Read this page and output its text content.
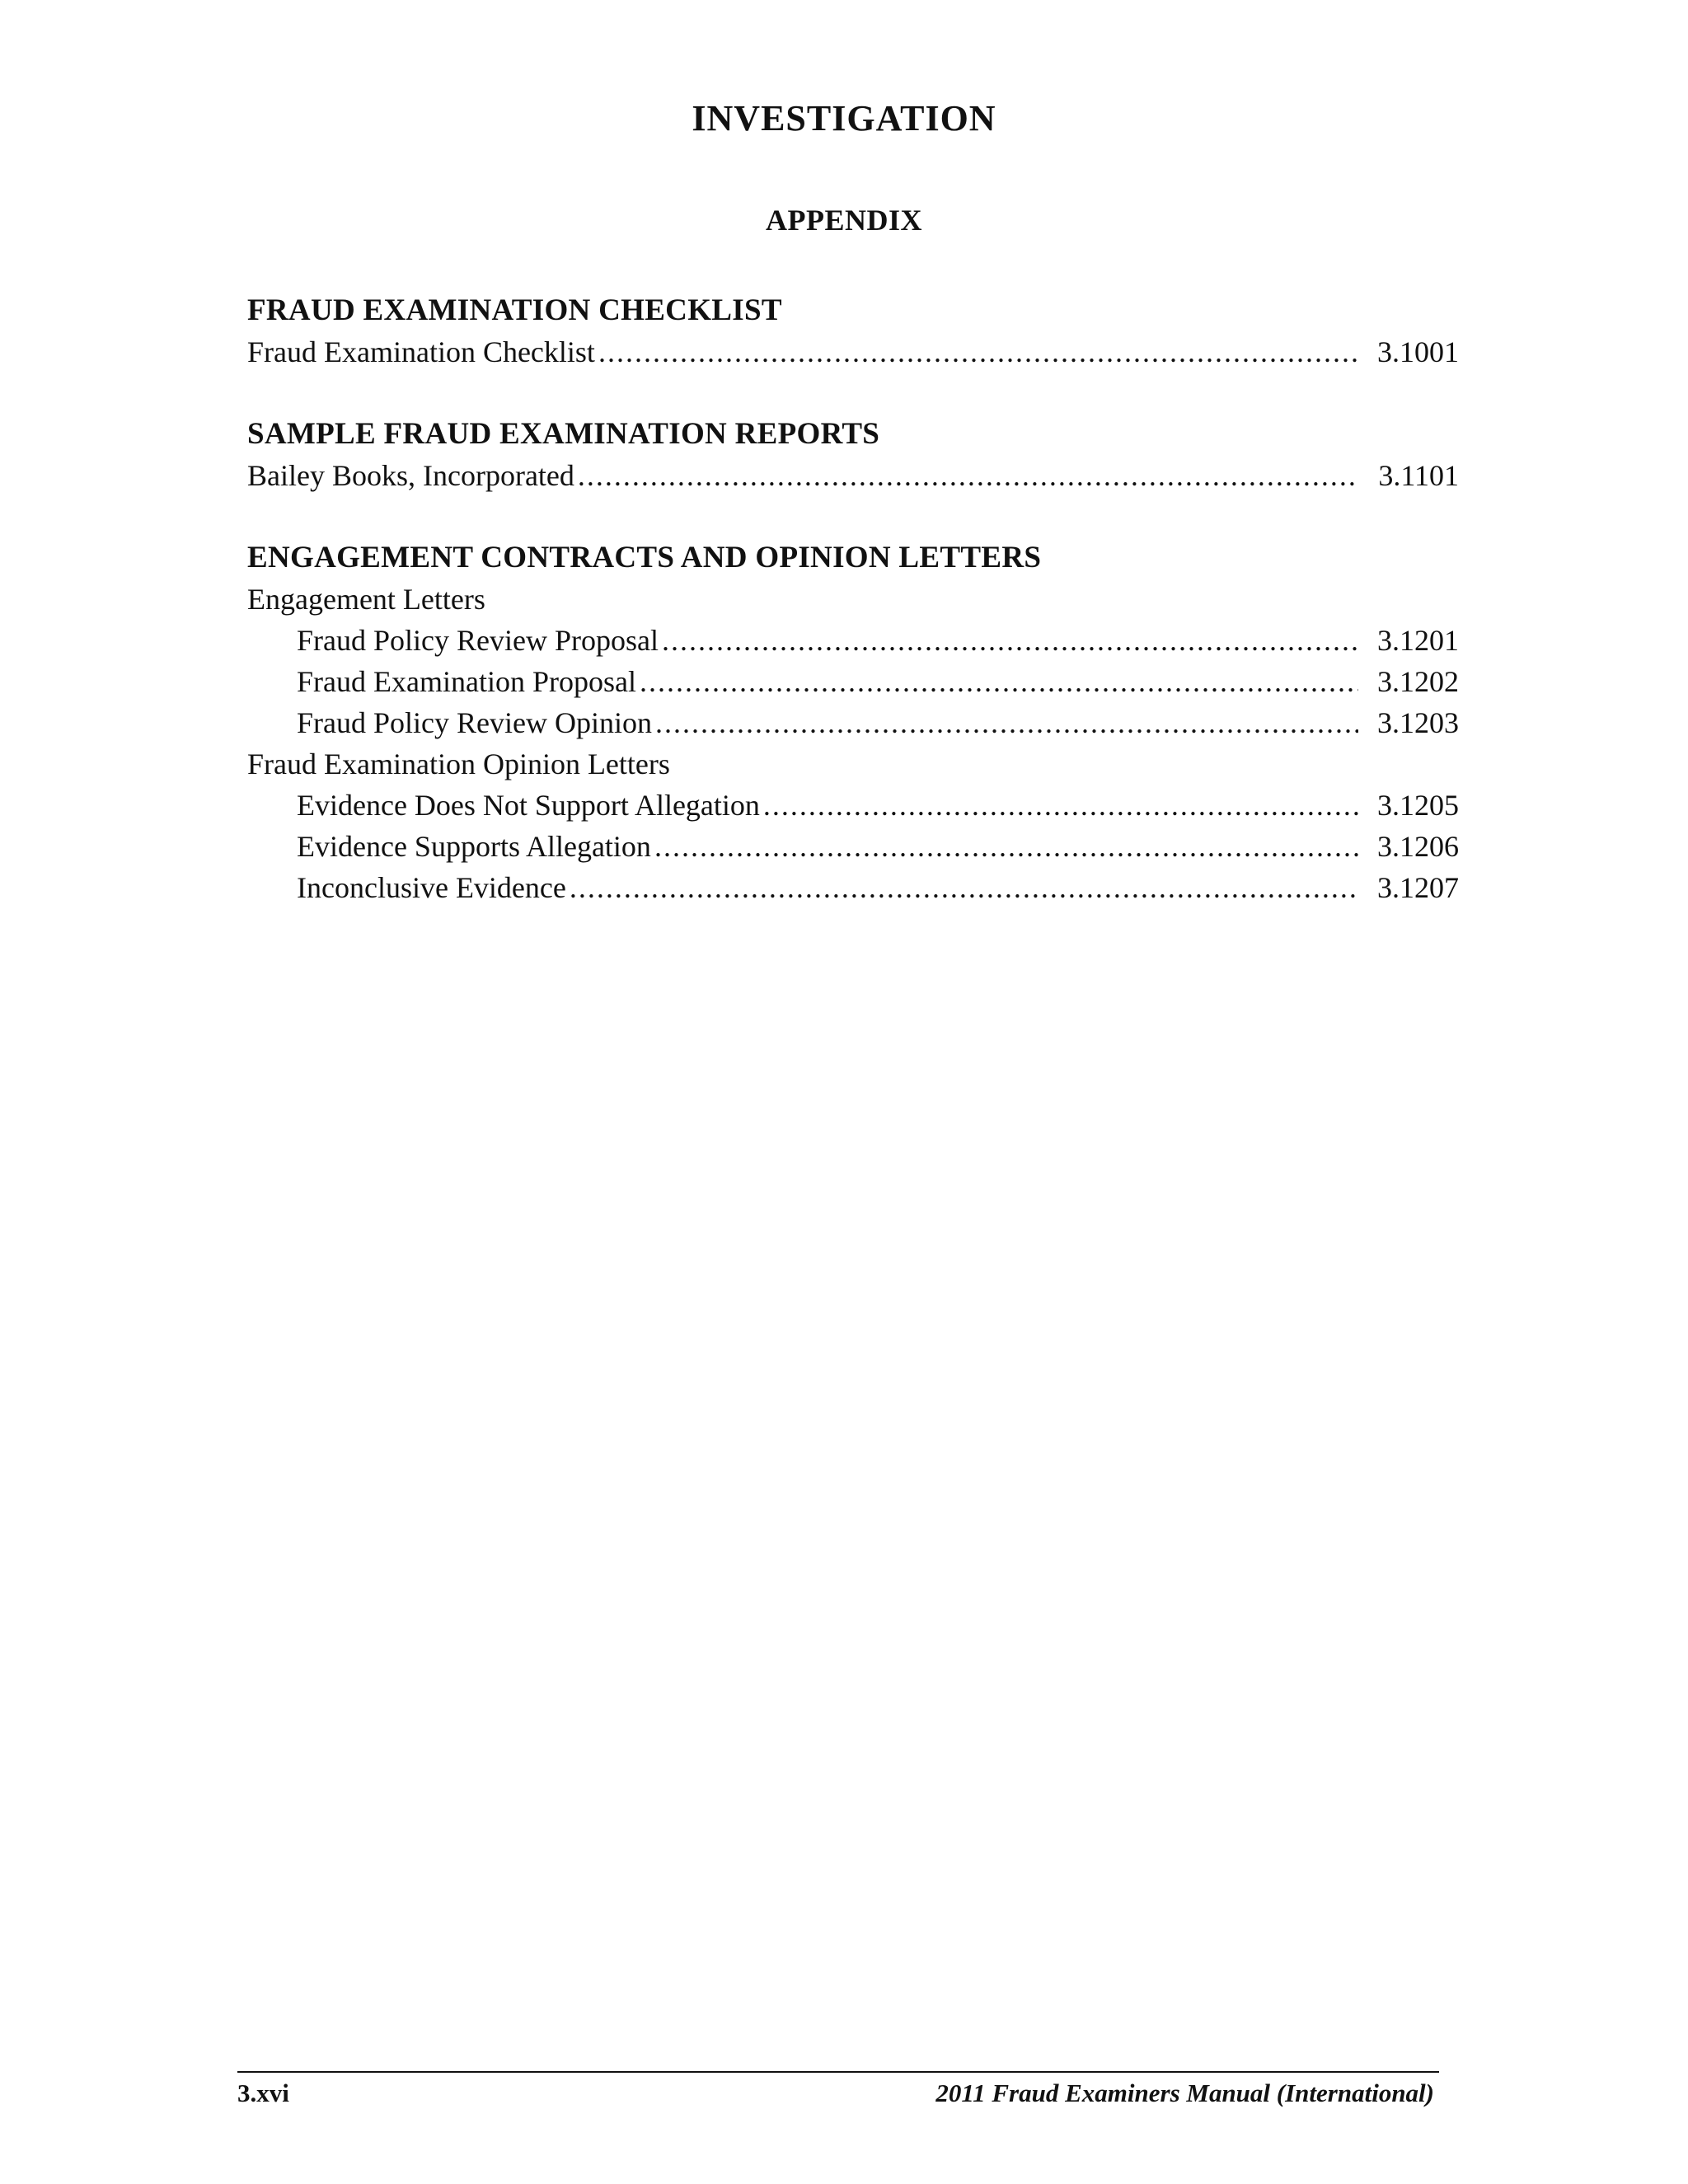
INVESTIGATION
APPENDIX
FRAUD EXAMINATION CHECKLIST
Fraud Examination Checklist .....	3.1001
SAMPLE FRAUD EXAMINATION REPORTS
Bailey Books, Incorporated .....	3.1101
ENGAGEMENT CONTRACTS AND OPINION LETTERS
Engagement Letters
Fraud Policy Review Proposal .....	3.1201
Fraud Examination Proposal .....	3.1202
Fraud Policy Review Opinion .....	3.1203
Fraud Examination Opinion Letters
Evidence Does Not Support Allegation .....	3.1205
Evidence Supports Allegation .....	3.1206
Inconclusive Evidence .....	3.1207
3.xvi	2011 Fraud Examiners Manual (International)
